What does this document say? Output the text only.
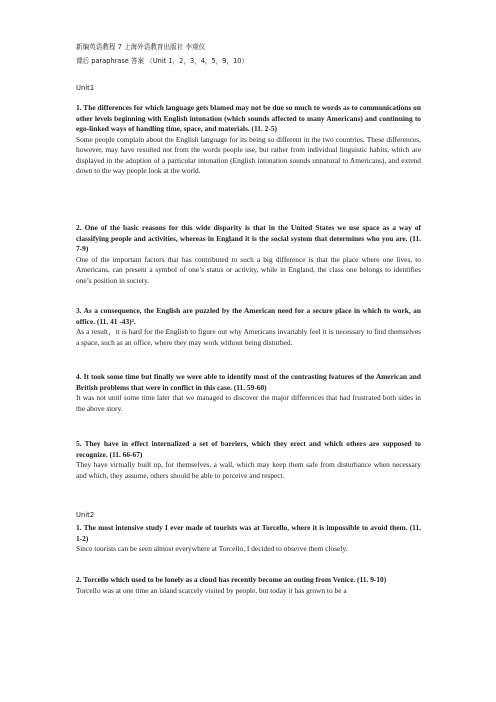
新编英语教程 7 上海外语教育出版社 李观仪
课后 paraphrase 答案 （Unit 1，2，3，4，5，9，10）
Unit1

1. The differences for which language gets blamed may not be due so much to words as to communications on other levels beginning with English intonation (which sounds affected to many Americans) and continuing to ego-linked ways of handling time, space, and materials. (11. 2-5)

Some people complain about the English language for its being so different in the two countries. These differences, however, may have resulted not from the words people use, but rather from individual linguistic habits, which are displayed in the adoption of a particular intonation (English intonation sounds unnatural to Americans), and extend down to the way people look at the world.

2. One of the basic reasons for this wide disparity is that in the United States we use space as a way of classifying people and activities, whereas in England it is the social system that determines who you are. (11. 7-9)

One of the important factors that has contributed to such a big difference is that the place where one lives, to Americans, can present a symbol of one’s status or activity, while in England, the class one belongs to identifies one’s position in society.

3. As a consequence, the English are puzzled by the American need for a secure place in which to work, an office. (11. 41 -43)³.

As a result，it is hard for the English to figure out why Americans invariably feel it is necessary to find themselves a space, such as an office, where they may work without being disturbed.

4. It took some time but finally we were able to identify most of the contrasting features of the American and British problems that were in conflict in this case. (11. 59-60)

It was not until some time later that we managed to discover the major differences that had frustrated both sides in the above story.

5. They have in effect internalized a set of barriers, which they erect and which others are supposed to recognize. (11. 66-67)

They have virtually built up, for themselves, a wall, which may keep them safe from disturbance when necessary and which, they assume, others should be able to perceive and respect.

Unit2

1. The most intensive study I ever made of tourists was at Torcello, where it is impossible to avoid them. (11. 1-2)

Since tourists can be seen almost everywhere at Torcello, I decided to observe them closely.

2. Torcello which used to be lonely as a cloud has recently become an outing from Venice. (11. 9-10)

Torcello was at one time an island scarcely visited by people, but today it has grown to be a
